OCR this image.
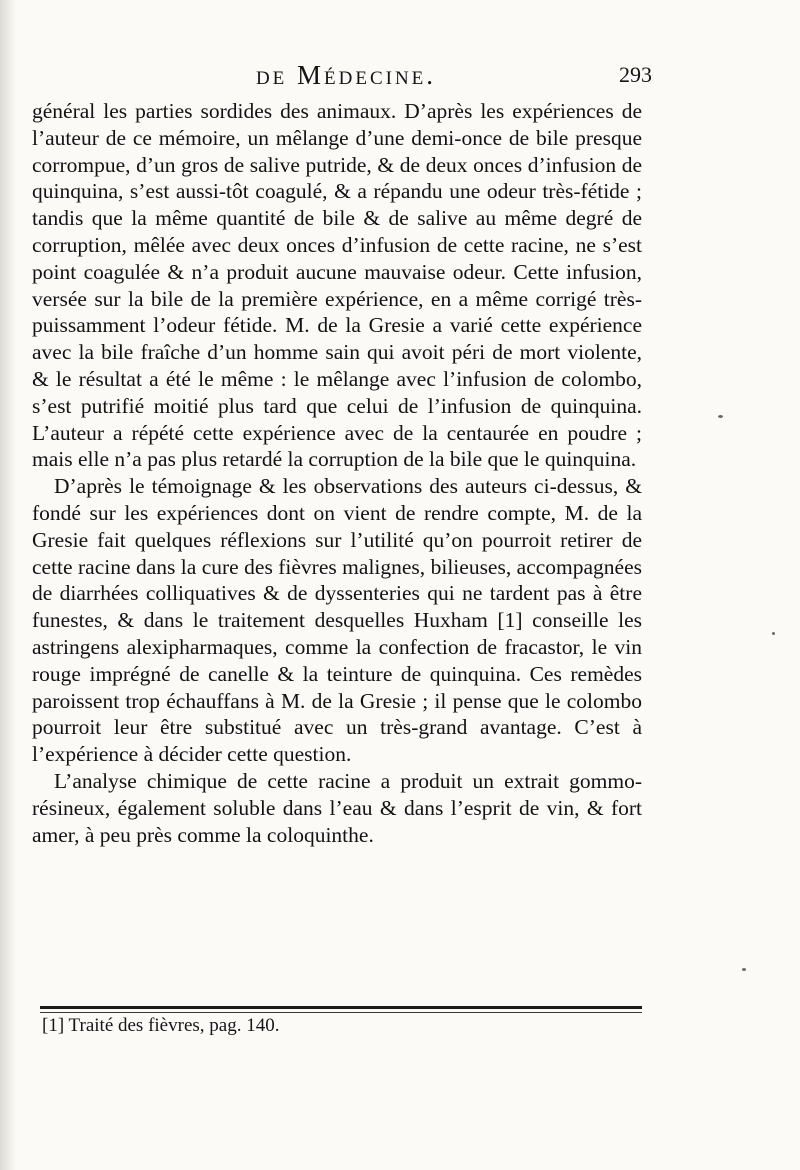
de Médecine.	293

général les parties sordides des animaux. D’après les expériences de l’auteur de ce mémoire, un mêlange d’une demi-once de bile presque corrompue, d’un gros de salive putride, & de deux onces d’infusion de quinquina, s’est aussi-tôt coagulé, & a répandu une odeur très-fétide ; tandis que la même quantité de bile & de salive au même degré de corruption, mêlée avec deux onces d’infusion de cette racine, ne s’est point coagulée & n’a produit aucune mauvaise odeur. Cette infusion, versée sur la bile de la première expérience, en a même corrigé très-puissamment l’odeur fétide. M. de la Gresie a varié cette expérience avec la bile fraîche d’un homme sain qui avoit péri de mort violente, & le résultat a été le même : le mêlange avec l’infusion de colombo, s’est putrifié moitié plus tard que celui de l’infusion de quinquina. L’auteur a répété cette expérience avec de la centaurée en poudre ; mais elle n’a pas plus retardé la corruption de la bile que le quinquina.

D’après le témoignage & les observations des auteurs ci-dessus, & fondé sur les expériences dont on vient de rendre compte, M. de la Gresie fait quelques réflexions sur l’utilité qu’on pourroit retirer de cette racine dans la cure des fièvres malignes, bilieuses, accompagnées de diarrhées colliquatives & de dyssenteries qui ne tardent pas à être funestes, & dans le traitement desquelles Huxham [1] conseille les astringens alexipharmaques, comme la confection de fracastor, le vin rouge imprégné de canelle & la teinture de quinquina. Ces remèdes paroissent trop échauffans à M. de la Gresie ; il pense que le colombo pourroit leur être substitué avec un très-grand avantage. C’est à l’expérience à décider cette question.

L’analyse chimique de cette racine a produit un extrait gommo-résineux, également soluble dans l’eau & dans l’esprit de vin, & fort amer, à peu près comme la coloquinthe.

[1] Traité des fièvres, pag. 140.
